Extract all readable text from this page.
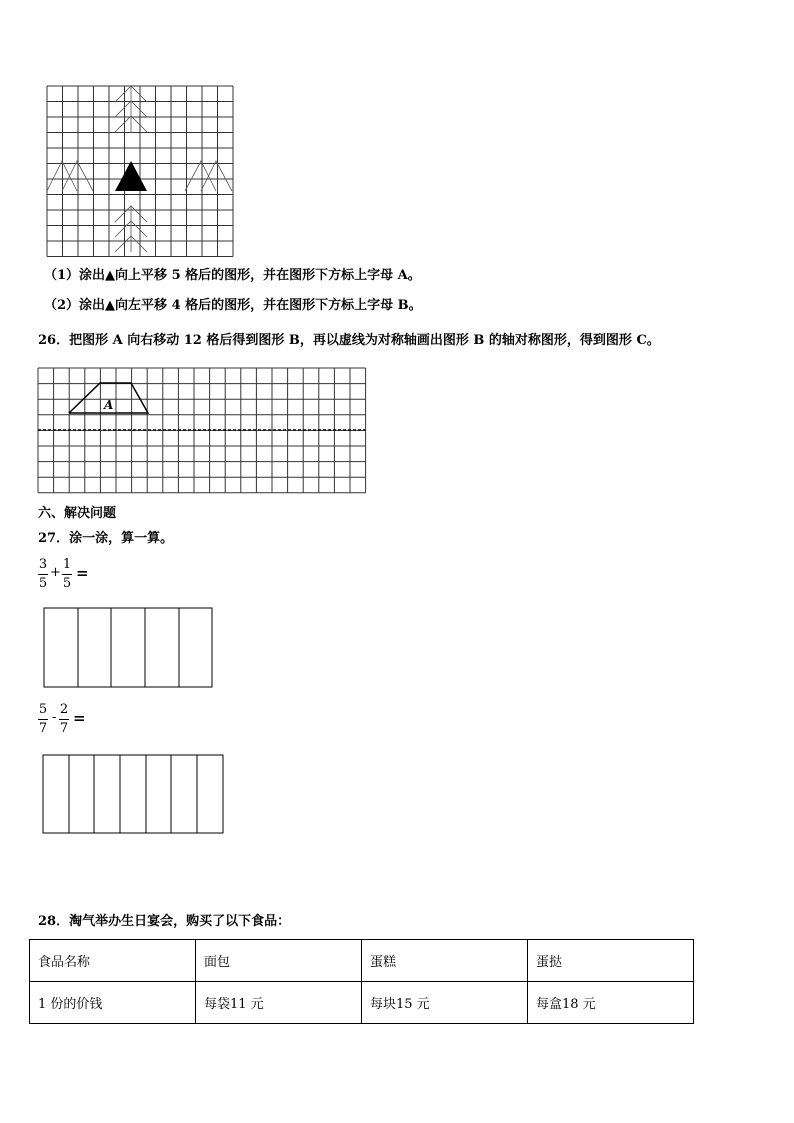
（1）涂出▲向上平移 5 格后的图形，并在图形下方标上字母 A。
（2）涂出▲向左平移 4 格后的图形，并在图形下方标上字母 B。
26．把图形 A 向右移动 12 格后得到图形 B，再以虚线为对称轴画出图形 B 的轴对称图形，得到图形 C。
A
六、解决问题
27．涂一涂，算一算。
3
5
+
1
5
=
5
7
-
2
7
=
28．淘气举办生日宴会，购买了以下食品：
食品名称	面包	蛋糕	蛋挞
1 份的价钱	每袋11 元	每块15 元	每盒18 元
